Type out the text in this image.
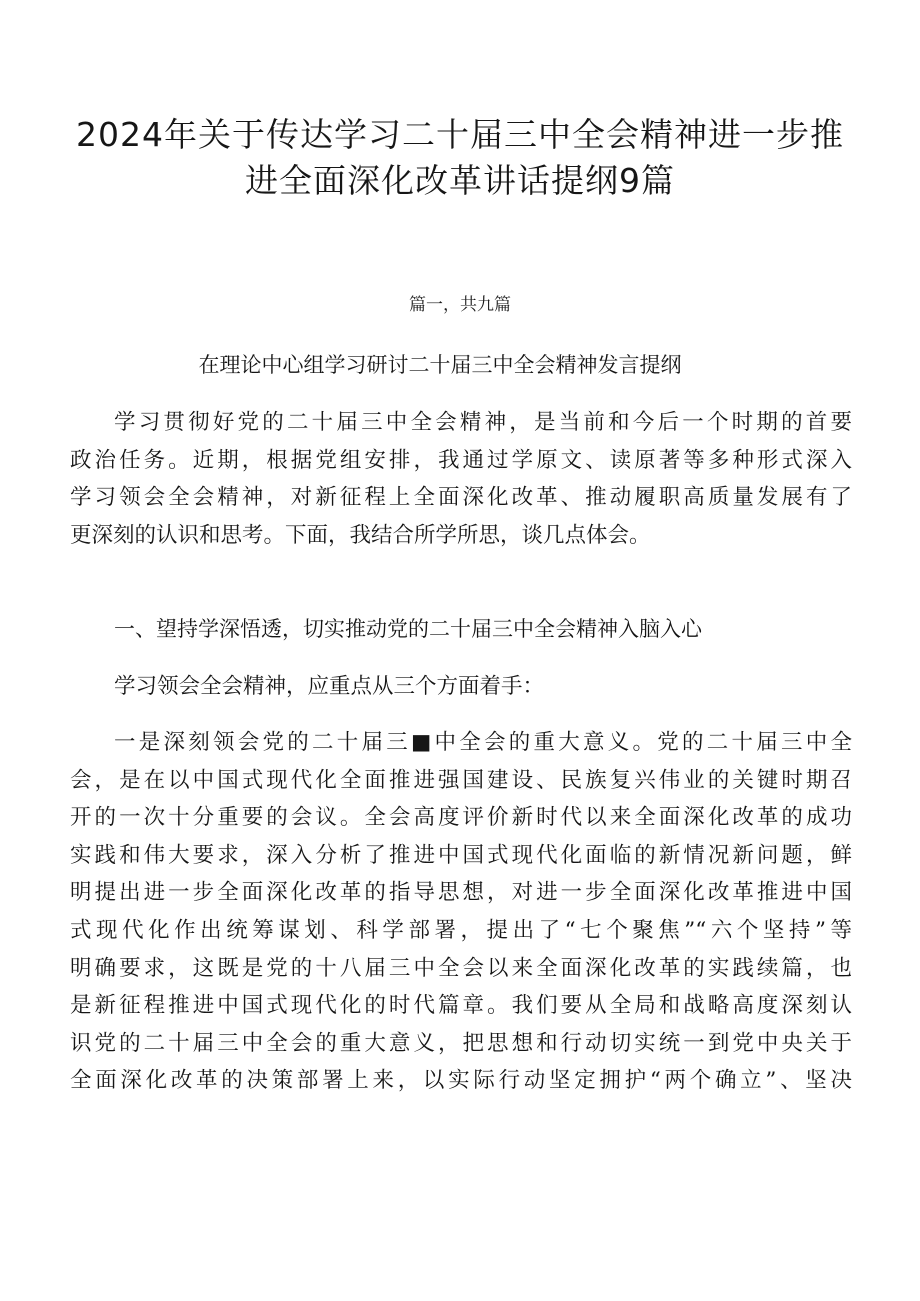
2024年关于传达学习二十届三中全会精神进一步推
进全面深化改革讲话提纲9篇
篇一，共九篇
在理论中心组学习研讨二十届三中全会精神发言提纲

学习贯彻好党的二十届三中全会精神，是当前和今后一个时期的首要
政治任务。近期，根据党组安排，我通过学原文、读原著等多种形式深入
学习领会全会精神，对新征程上全面深化改革、推动履职高质量发展有了
更深刻的认识和思考。下面，我结合所学所思，谈几点体会。

一、望持学深悟透，切实推动党的二十届三中全会精神入脑入心

学习领会全会精神，应重点从三个方面着手：

一是深刻领会党的二十届三■中全会的重大意义。党的二十届三中全
会，是在以中国式现代化全面推进强国建设、民族复兴伟业的关键时期召
开的一次十分重要的会议。全会高度评价新时代以来全面深化改革的成功
实践和伟大要求，深入分析了推进中国式现代化面临的新情况新问题，鲜
明提出进一步全面深化改革的指导思想，对进一步全面深化改革推进中国
式现代化作出统筹谋划、科学部署，提出了“七个聚焦”“六个坚持”等
明确要求，这既是党的十八届三中全会以来全面深化改革的实践续篇，也
是新征程推进中国式现代化的时代篇章。我们要从全局和战略高度深刻认
识党的二十届三中全会的重大意义，把思想和行动切实统一到党中央关于
全面深化改革的决策部署上来，以实际行动坚定拥护“两个确立”、坚决
